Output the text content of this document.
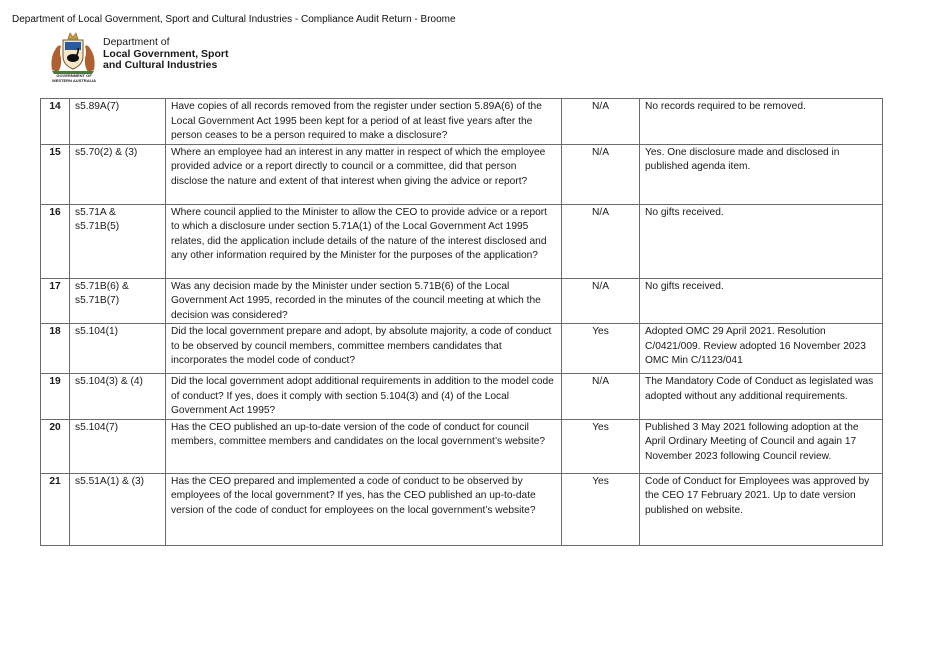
Department of Local Government, Sport and Cultural Industries - Compliance Audit Return - Broome
GOVERNMENT OF
WESTERN AUSTRALIA
Department of
Local Government, Sport
and Cultural Industries
14	s5.89A(7)	Have copies of all records removed from the register under section 5.89A(6) of the Local Government Act 1995 been kept for a period of at least five years after the person ceases to be a person required to make a disclosure?	N/A	No records required to be removed.
15	s5.70(2) & (3)	Where an employee had an interest in any matter in respect of which the employee provided advice or a report directly to council or a committee, did that person disclose the nature and extent of that interest when giving the advice or report?	N/A	Yes. One disclosure made and disclosed in published agenda item.
16	s5.71A & s5.71B(5)	Where council applied to the Minister to allow the CEO to provide advice or a report to which a disclosure under section 5.71A(1) of the Local Government Act 1995 relates, did the application include details of the nature of the interest disclosed and any other information required by the Minister for the purposes of the application?	N/A	No gifts received.
17	s5.71B(6) & s5.71B(7)	Was any decision made by the Minister under section 5.71B(6) of the Local Government Act 1995, recorded in the minutes of the council meeting at which the decision was considered?	N/A	No gifts received.
18	s5.104(1)	Did the local government prepare and adopt, by absolute majority, a code of conduct to be observed by council members, committee members candidates that incorporates the model code of conduct?	Yes	Adopted OMC 29 April 2021. Resolution C/0421/009. Review adopted 16 November 2023 OMC Min C/1123/041
19	s5.104(3) & (4)	Did the local government adopt additional requirements in addition to the model code of conduct? If yes, does it comply with section 5.104(3) and (4) of the Local Government Act 1995?	N/A	The Mandatory Code of Conduct as legislated was adopted without any additional requirements.
20	s5.104(7)	Has the CEO published an up-to-date version of the code of conduct for council members, committee members and candidates on the local government’s website?	Yes	Published 3 May 2021 following adoption at the April Ordinary Meeting of Council and again 17 November 2023 following Council review.
21	s5.51A(1) & (3)	Has the CEO prepared and implemented a code of conduct to be observed by employees of the local government? If yes, has the CEO published an up-to-date version of the code of conduct for employees on the local government’s website?	Yes	Code of Conduct for Employees was approved by the CEO 17 February 2021. Up to date version published on website.
